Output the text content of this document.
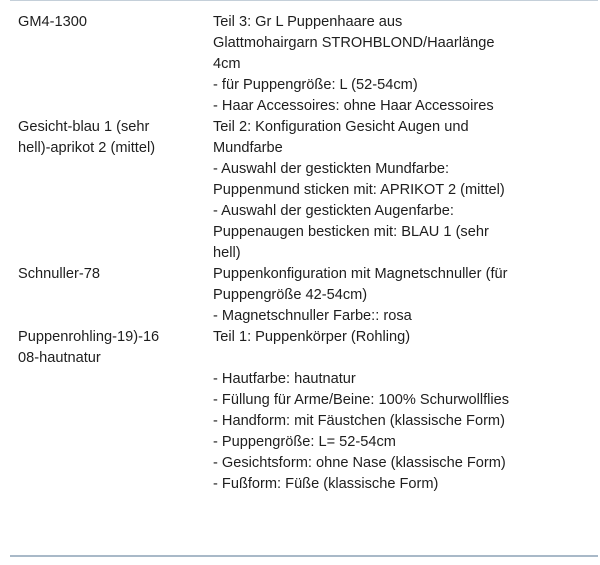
GM4-1300	Teil 3: Gr L Puppenhaare aus
Glattmohairgarn STROHBLOND/Haarlänge
4cm
- für Puppengröße: L (52-54cm)
- Haar Accessoires: ohne Haar Accessoires
Gesicht-blau 1 (sehr
hell)-aprikot 2 (mittel)
Teil 2: Konfiguration Gesicht Augen und
Mundfarbe
- Auswahl der gestickten Mundfarbe:
Puppenmund sticken mit: APRIKOT 2 (mittel)
- Auswahl der gestickten Augenfarbe:
Puppenaugen besticken mit: BLAU 1 (sehr
hell)
Schnuller-78	Puppenkonfiguration mit Magnetschnuller (für
Puppengröße 42-54cm)
- Magnetschnuller Farbe:: rosa
Puppenrohling-19)-16
08-hautnatur
Teil 1: Puppenkörper (Rohling)

- Hautfarbe: hautnatur
- Füllung für Arme/Beine: 100% Schurwollflies
- Handform: mit Fäustchen (klassische Form)
- Puppengröße: L= 52-54cm
- Gesichtsform: ohne Nase (klassische Form)
- Fußform: Füße (klassische Form)
